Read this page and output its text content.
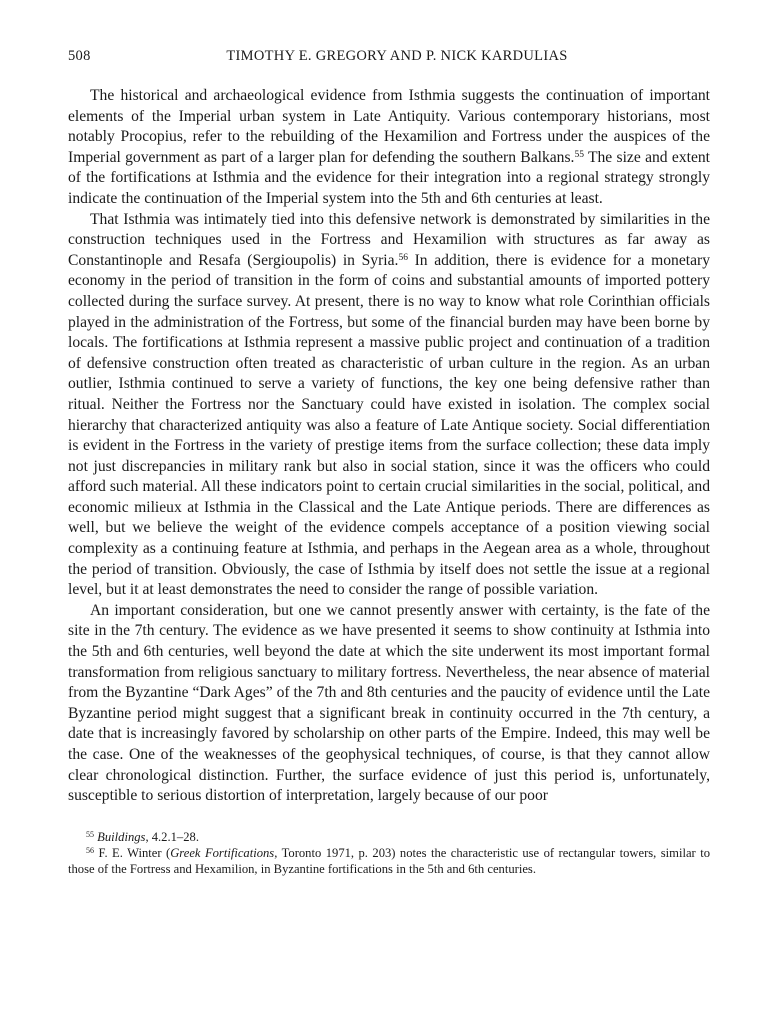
508	TIMOTHY E. GREGORY AND P. NICK KARDULIAS

The historical and archaeological evidence from Isthmia suggests the continuation of important elements of the Imperial urban system in Late Antiquity. Various contemporary historians, most notably Procopius, refer to the rebuilding of the Hexamilion and Fortress under the auspices of the Imperial government as part of a larger plan for defending the southern Balkans.$^{55}$ The size and extent of the fortifications at Isthmia and the evidence for their integration into a regional strategy strongly indicate the continuation of the Imperial system into the 5th and 6th centuries at least.

That Isthmia was intimately tied into this defensive network is demonstrated by similarities in the construction techniques used in the Fortress and Hexamilion with structures as far away as Constantinople and Resafa (Sergioupolis) in Syria.$^{56}$ In addition, there is evidence for a monetary economy in the period of transition in the form of coins and substantial amounts of imported pottery collected during the surface survey. At present, there is no way to know what role Corinthian officials played in the administration of the Fortress, but some of the financial burden may have been borne by locals. The fortifications at Isthmia represent a massive public project and continuation of a tradition of defensive construction often treated as characteristic of urban culture in the region. As an urban outlier, Isthmia continued to serve a variety of functions, the key one being defensive rather than ritual. Neither the Fortress nor the Sanctuary could have existed in isolation. The complex social hierarchy that characterized antiquity was also a feature of Late Antique society. Social differentiation is evident in the Fortress in the variety of prestige items from the surface collection; these data imply not just discrepancies in military rank but also in social station, since it was the officers who could afford such material. All these indicators point to certain crucial similarities in the social, political, and economic milieux at Isthmia in the Classical and the Late Antique periods. There are differences as well, but we believe the weight of the evidence compels acceptance of a position viewing social complexity as a continuing feature at Isthmia, and perhaps in the Aegean area as a whole, throughout the period of transition. Obviously, the case of Isthmia by itself does not settle the issue at a regional level, but it at least demonstrates the need to consider the range of possible variation.

An important consideration, but one we cannot presently answer with certainty, is the fate of the site in the 7th century. The evidence as we have presented it seems to show continuity at Isthmia into the 5th and 6th centuries, well beyond the date at which the site underwent its most important formal transformation from religious sanctuary to military fortress. Nevertheless, the near absence of material from the Byzantine “Dark Ages” of the 7th and 8th centuries and the paucity of evidence until the Late Byzantine period might suggest that a significant break in continuity occurred in the 7th century, a date that is increasingly favored by scholarship on other parts of the Empire. Indeed, this may well be the case. One of the weaknesses of the geophysical techniques, of course, is that they cannot allow clear chronological distinction. Further, the surface evidence of just this period is, unfortunately, susceptible to serious distortion of interpretation, largely because of our poor

$^{55}$ Buildings, 4.2.1–28.

$^{56}$ F. E. Winter (Greek Fortifications, Toronto 1971, p. 203) notes the characteristic use of rectangular towers, similar to those of the Fortress and Hexamilion, in Byzantine fortifications in the 5th and 6th centuries.
